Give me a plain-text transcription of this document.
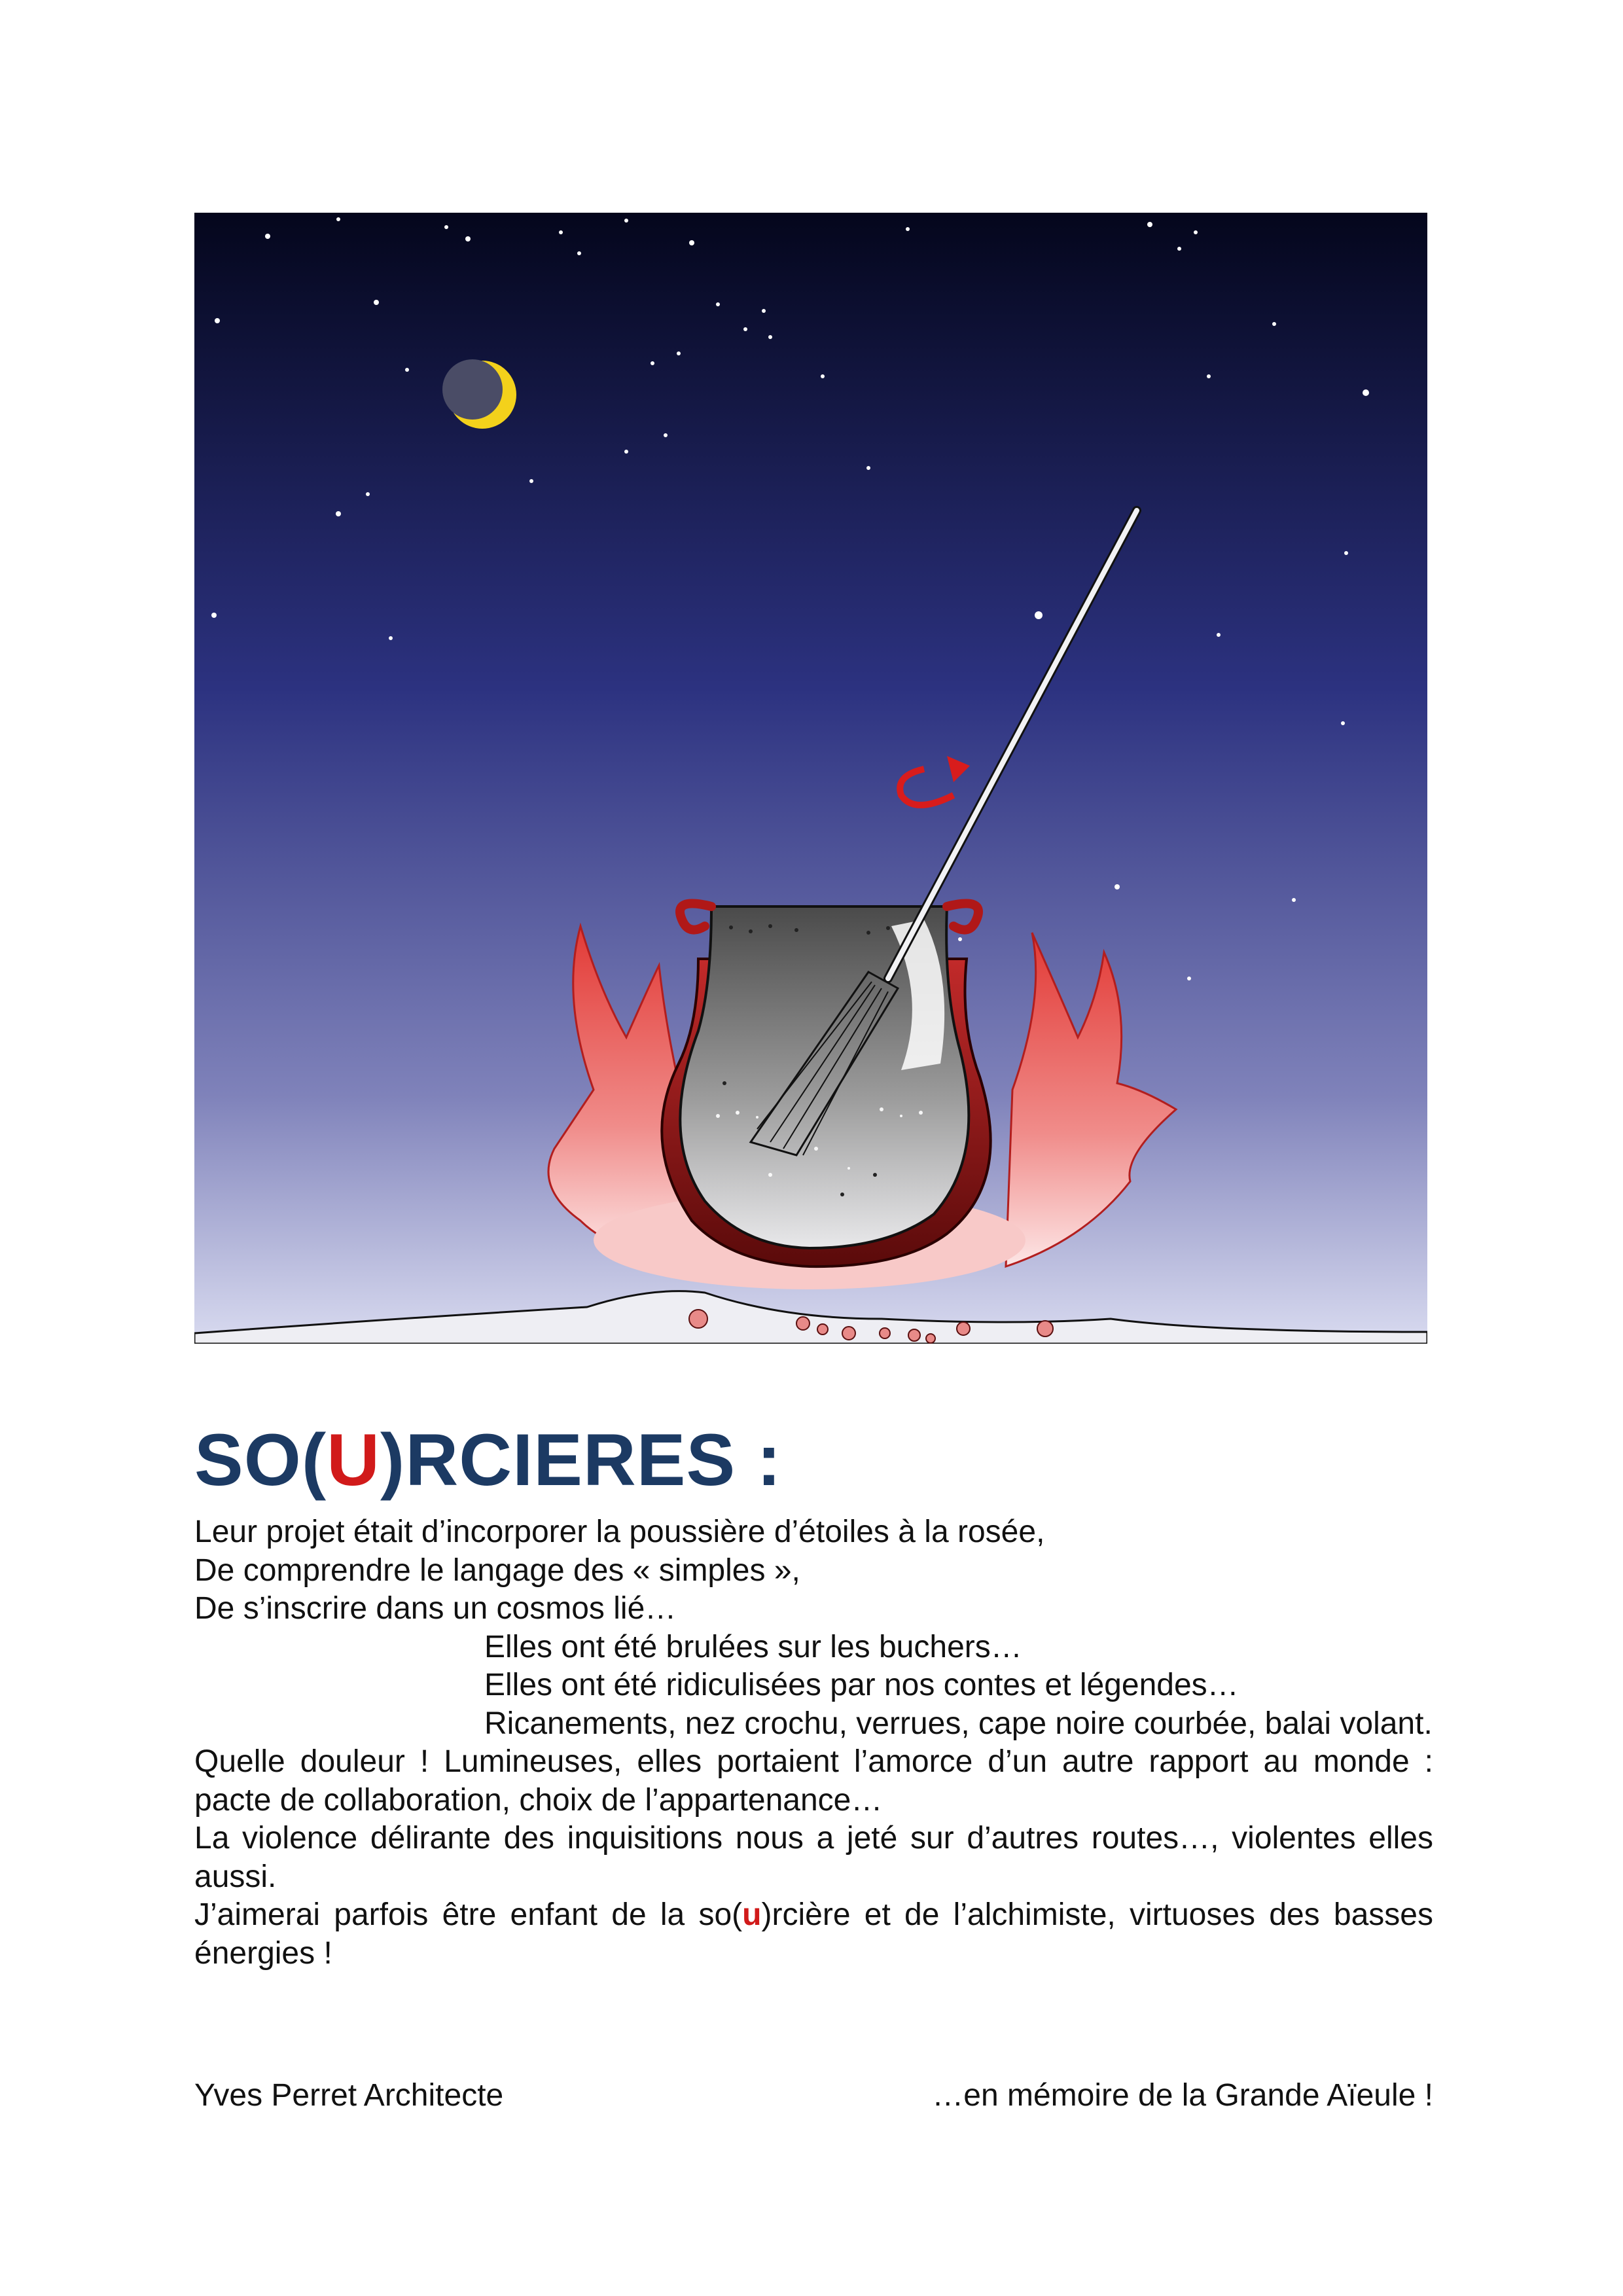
SO(U)RCIERES :

Leur projet était d’incorporer la poussière d’étoiles à la rosée,

De comprendre le langage des « simples »,

De s’inscrire dans un cosmos lié…

Elles ont été brulées sur les buchers…

Elles ont été ridiculisées par nos contes et légendes…

Ricanements, nez crochu, verrues, cape noire courbée, balai volant.

Quelle douleur ! Lumineuses, elles portaient l’amorce d’un autre rapport au monde : pacte de collaboration, choix de l’appartenance…

La violence délirante des inquisitions nous a jeté sur d’autres routes…, violentes elles aussi.

J’aimerai parfois être enfant de la so(u)rcière et de l’alchimiste, virtuoses des basses énergies !

Yves Perret Architecte	…en mémoire de la Grande Aïeule !
